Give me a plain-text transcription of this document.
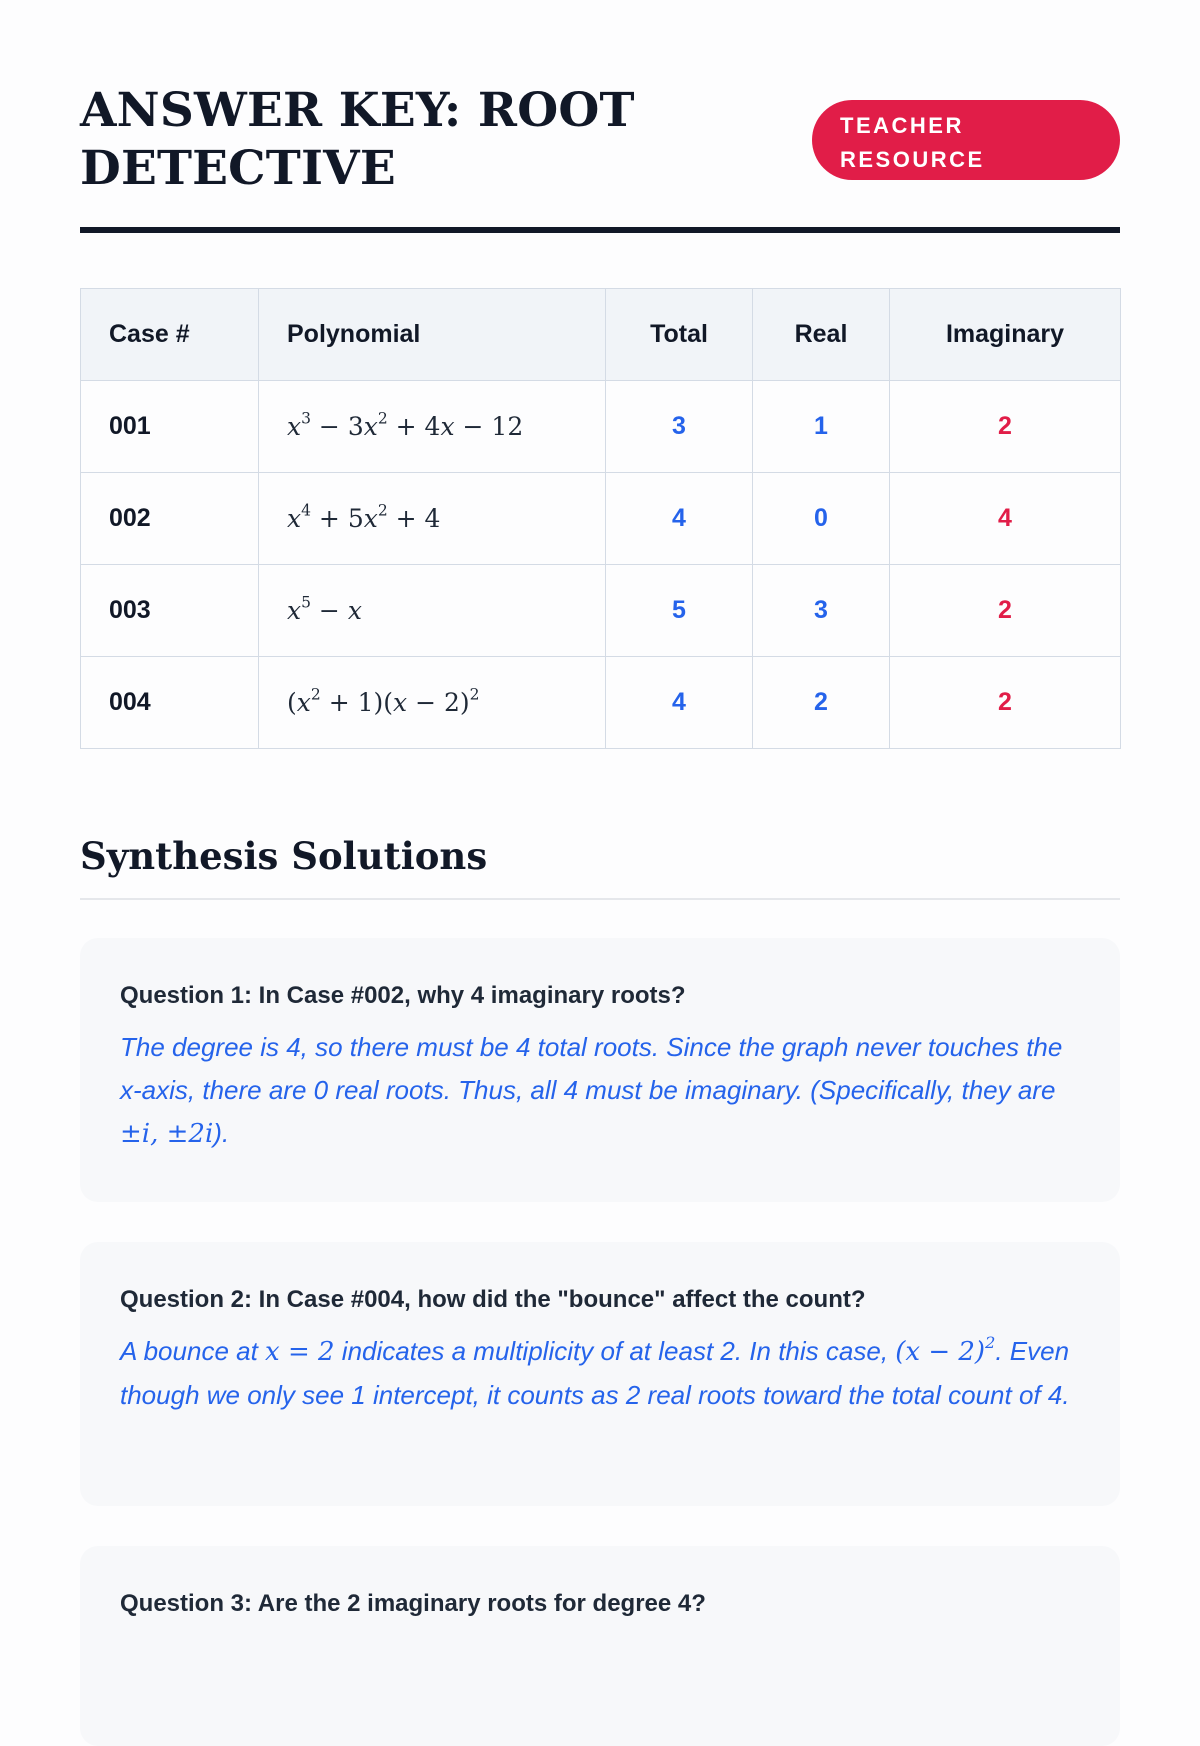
ANSWER KEY: ROOT DETECTIVE
TEACHER RESOURCE
Case #	Polynomial	Total	Real	Imaginary
001	$x^3 - 3x^2 + 4x - 12$	3	1	2
002	$x^4 + 5x^2 + 4$	4	0	4
003	$x^5 - x$	5	3	2
004	$(x^2 + 1)(x - 2)^2$	4	2	2
Synthesis Solutions

Question 1: In Case #002, why 4 imaginary roots?

The degree is 4, so there must be 4 total roots. Since the graph never touches the x-axis, there are 0 real roots. Thus, all 4 must be imaginary. (Specifically, they are ±i, ±2i).

Question 2: In Case #004, how did the "bounce" affect the count?

A bounce at x = 2 indicates a multiplicity of at least 2. In this case, $(x - 2)^2$. Even though we only see 1 intercept, it counts as 2 real roots toward the total count of 4.

Question 3: Are the 2 imaginary roots for degree 4?
